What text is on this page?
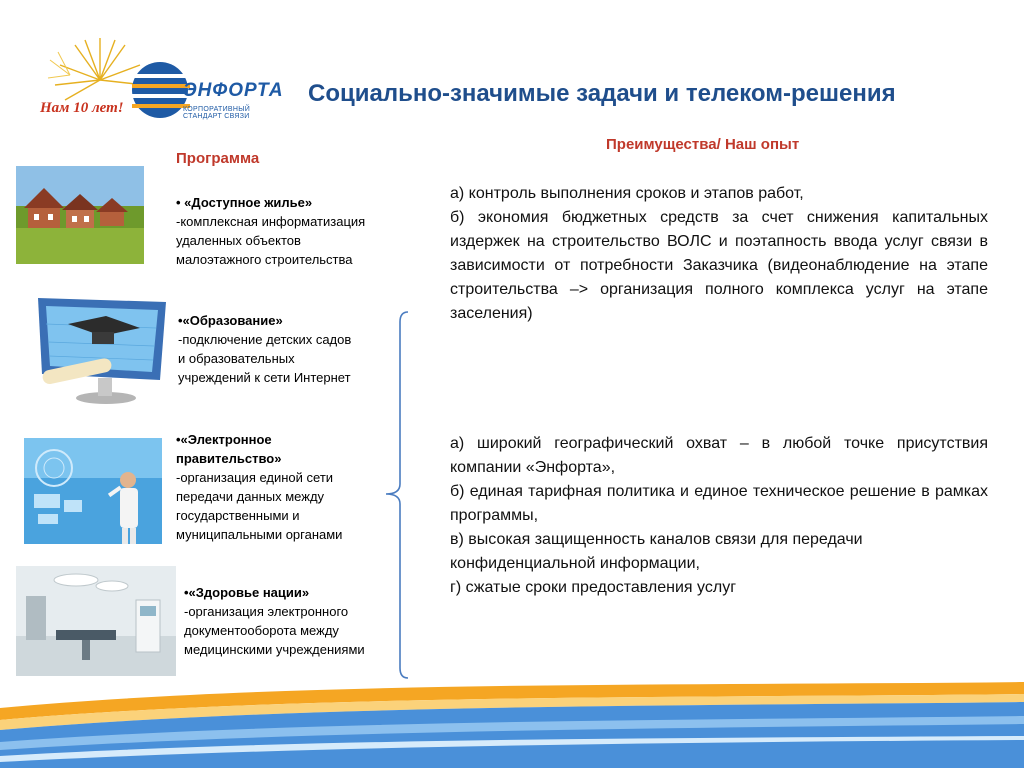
Нам 10 лет!
ЭНФОРТА
КОРПОРАТИВНЫЙ СТАНДАРТ СВЯЗИ
Социально-значимые задачи и телеком-решения
Программа
Преимущества/ Наш опыт
• «Доступное жилье»
-комплексная информатизация
удаленных объектов
малоэтажного строительства
•«Образование»
-подключение детских садов
и образовательных
учреждений к сети Интернет
•«Электронное
правительство»
-организация единой сети
передачи данных между
государственными и
муниципальными органами
•«Здоровье нации»
-организация электронного
документооборота между
медицинскими учреждениями
а) контроль выполнения сроков и этапов работ,
б) экономия бюджетных средств за счет снижения капитальных издержек на строительство ВОЛС и поэтапность ввода услуг связи в зависимости от потребности Заказчика (видеонаблюдение на этапе строительства –> организация полного комплекса услуг на этапе заселения)
а) широкий географический охват – в любой точке присутствия компании «Энфорта»,
б) единая тарифная политика и единое техническое решение в рамках программы,
в) высокая защищенность каналов связи для передачи конфиденциальной информации,
г) сжатые сроки предоставления услуг
